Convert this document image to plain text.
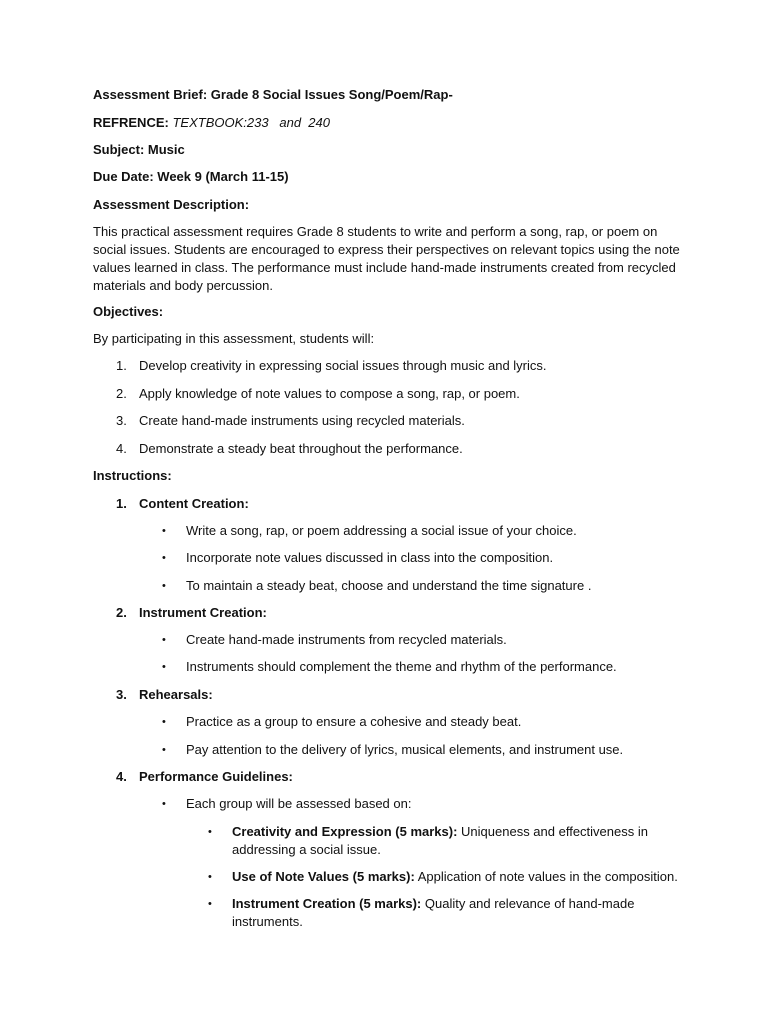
Assessment Brief: Grade 8 Social Issues Song/Poem/Rap-
REFRENCE: TEXTBOOK:233   and  240
Subject: Music
Due Date: Week 9 (March 11-15)
Assessment Description:
This practical assessment requires Grade 8 students to write and perform a song, rap, or poem on social issues. Students are encouraged to express their perspectives on relevant topics using the note values learned in class. The performance must include hand-made instruments created from recycled materials and body percussion.
Objectives:
By participating in this assessment, students will:
1. Develop creativity in expressing social issues through music and lyrics.
2. Apply knowledge of note values to compose a song, rap, or poem.
3. Create hand-made instruments using recycled materials.
4. Demonstrate a steady beat throughout the performance.
Instructions:
1. Content Creation:
• Write a song, rap, or poem addressing a social issue of your choice.
• Incorporate note values discussed in class into the composition.
• To maintain a steady beat, choose and understand the time signature .
2. Instrument Creation:
• Create hand-made instruments from recycled materials.
• Instruments should complement the theme and rhythm of the performance.
3. Rehearsals:
• Practice as a group to ensure a cohesive and steady beat.
• Pay attention to the delivery of lyrics, musical elements, and instrument use.
4. Performance Guidelines:
• Each group will be assessed based on:
• Creativity and Expression (5 marks): Uniqueness and effectiveness in addressing a social issue.
• Use of Note Values (5 marks): Application of note values in the composition.
• Instrument Creation (5 marks): Quality and relevance of hand-made instruments.
